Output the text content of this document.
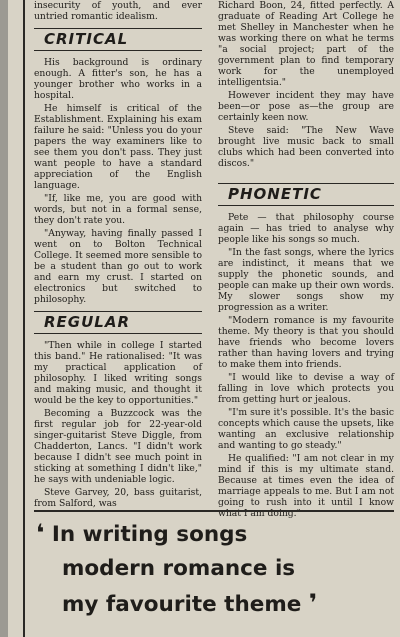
insecurity of youth, and ever untried romantic idealism.

CRITICAL

His background is ordinary enough. A fitter's son, he has a younger brother who works in a hospital.

He himself is critical of the Establishment. Explaining his exam failure he said: "Unless you do your papers the way examiners like to see them you don't pass. They just want people to have a standard appreciation of the English language.

"If, like me, you are good with words, but not in a formal sense, they don't rate you.

"Anyway, having finally passed I went on to Bolton Technical College. It seemed more sensible to be a student than go out to work and earn my crust. I started on electronics but switched to philosophy.

REGULAR

"Then while in college I started this band." He rationalised: "It was my practical application of philosophy. I liked writing songs and making music, and thought it would be the key to opportunities."

Becoming a Buzzcock was the first regular job for 22-year-old singer-guitarist Steve Diggle, from Chadderton, Lancs. "I didn't work because I didn't see much point in sticking at something I didn't like," he says with undeniable logic.

Steve Garvey, 20, bass guitarist, from Salford, was

Richard Boon, 24, fitted perfectly. A graduate of Reading Art College he met Shelley in Manchester when he was working there on what he terms "a social project; part of the government plan to find temporary work for the unemployed intelligentsia."

However incident they may have been—or pose as—the group are certainly keen now.

Steve said: "The New Wave brought live music back to small clubs which had been converted into discos."

PHONETIC

Pete — that philosophy course again — has tried to analyse why people like his songs so much.

"In the fast songs, where the lyrics are indistinct, it means that we supply the phonetic sounds, and people can make up their own words. My slower songs show my progression as a writer.

"Modern romance is my favourite theme. My theory is that you should have friends who become lovers rather than having lovers and trying to make them into friends.

"I would like to devise a way of falling in love which protects you from getting hurt or jealous.

"I'm sure it's possible. It's the basic concepts which cause the upsets, like wanting an exclusive relationship and wanting to go steady."

He qualified: "I am not clear in my mind if this is my ultimate stand. Because at times even the idea of marriage appeals to me. But I am not going to rush into it until I know what I am doing."

❛ In writing songs
modern romance is
my favourite theme ❜
